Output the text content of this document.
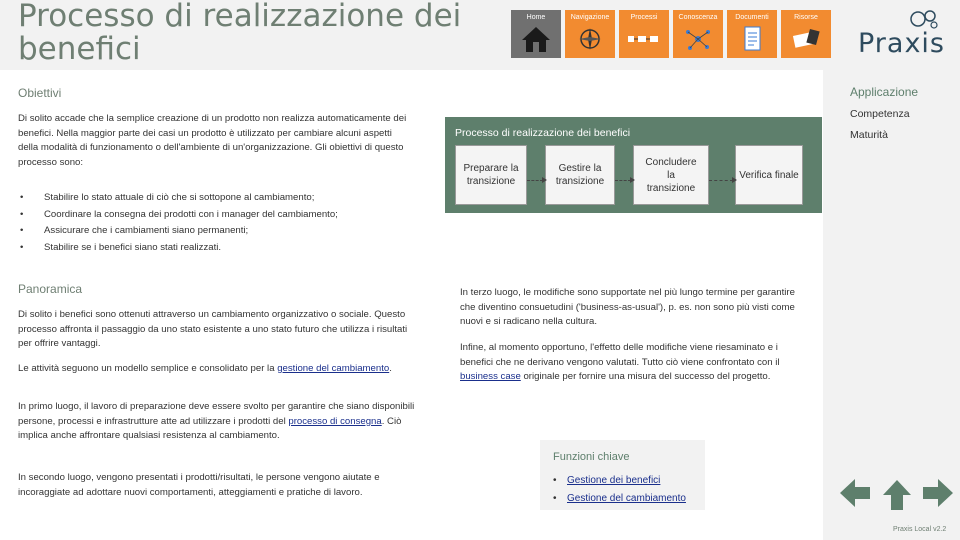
Processo di realizzazione dei benefici
Home	Navigazione	Processi	Conoscenza	Documenti	Risorse
Praxis
Obiettivi

Di solito accade che la semplice creazione di un prodotto non realizza automaticamente dei benefici. Nella maggior parte dei casi un prodotto è utilizzato per cambiare alcuni aspetti della modalità di funzionamento o dell'ambiente di un'organizzazione. Gli obiettivi di questo processo sono:

• Stabilire lo stato attuale di ciò che si sottopone al cambiamento;
• Coordinare la consegna dei prodotti con i manager del cambiamento;
• Assicurare che i cambiamenti siano permanenti;
• Stabilire se i benefici siano stati realizzati.
Panoramica

Di solito i benefici sono ottenuti attraverso un cambiamento organizzativo o sociale. Questo processo affronta il passaggio da uno stato esistente a uno stato futuro che utilizza i risultati per offrire vantaggi.

Le attività seguono un modello semplice e consolidato per la gestione del cambiamento.

In primo luogo, il lavoro di preparazione deve essere svolto per garantire che siano disponibili persone, processi e infrastrutture atte ad utilizzare i prodotti del processo di consegna. Ciò implica anche affrontare qualsiasi resistenza al cambiamento.

In secondo luogo, vengono presentati i prodotti/risultati, le persone vengono aiutate e incoraggiate ad adottare nuovi comportamenti, atteggiamenti e pratiche di lavoro.

In terzo luogo, le modifiche sono supportate nel più lungo termine per garantire che diventino consuetudini ('business-as-usual'), p. es. non sono più visti come nuovi e si radicano nella cultura.

Infine, al momento opportuno, l'effetto delle modifiche viene riesaminato e i benefici che ne derivano vengono valutati. Tutto ciò viene confrontato con il business case originale per fornire una misura del successo del progetto.

Processo di realizzazione dei benefici
Preparare la transizione
Gestire la transizione
Concludere la transizione
Verifica finale
Applicazione
Competenza
Maturità
Funzioni chiave
• Gestione dei benefici
• Gestione del cambiamento
Praxis Local v2.2
